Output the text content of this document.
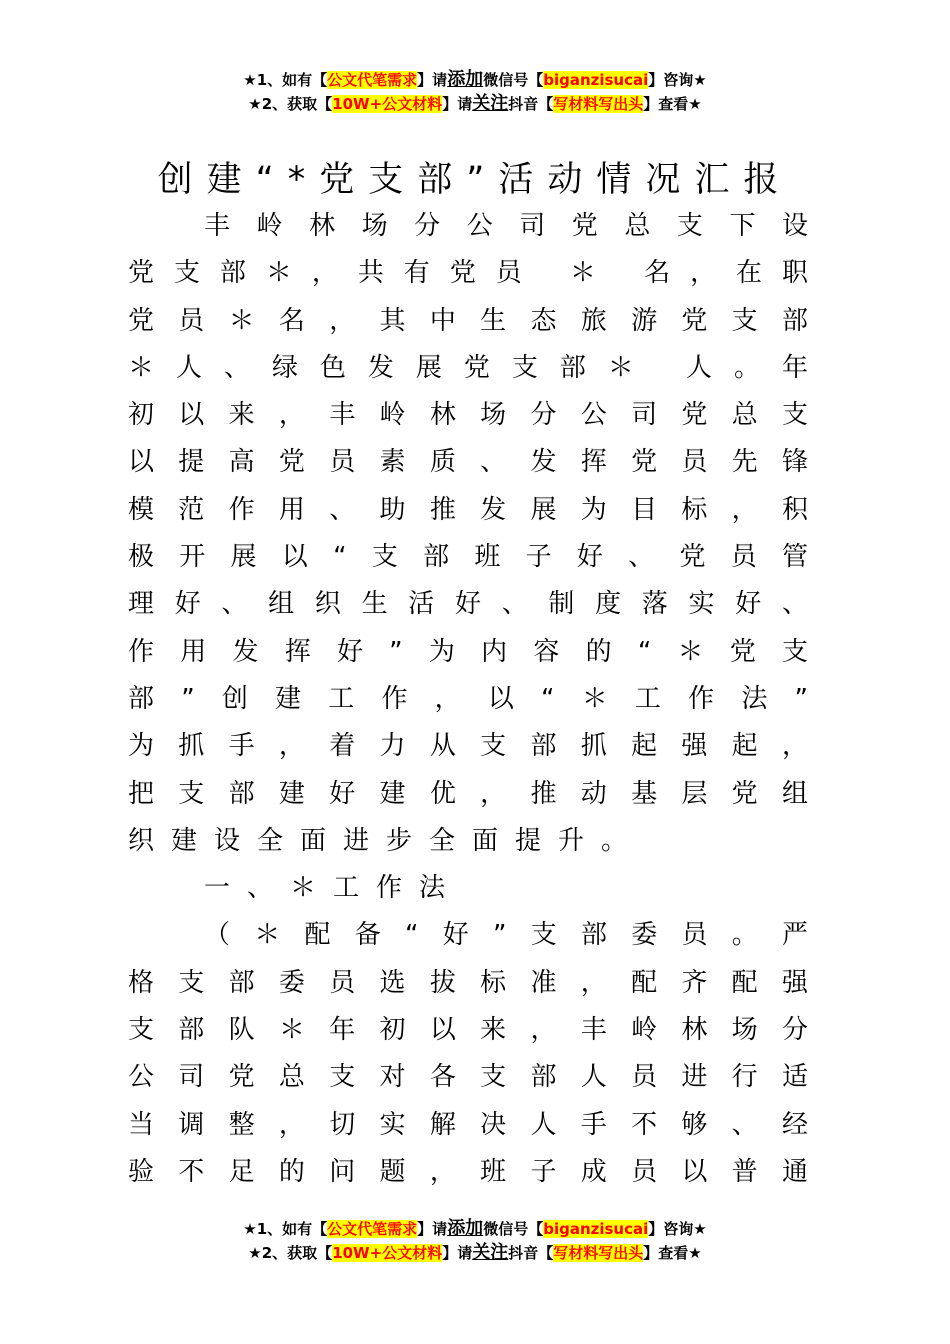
★1、如有【公文代笔需求】请添加微信号【biganzisucai】咨询★
★2、获取【10W+公文材料】请关注抖音【写材料写出头】查看★
创建“*党支部”活动情况汇报
丰岭林场分公司党总支下设
党支部＊，共有党员 ＊ 名，在职
党员＊名，其中生态旅游党支部
＊人、绿色发展党支部＊ 人。年
初以来，丰岭林场分公司党总支
以提高党员素质、发挥党员先锋
模范作用、助推发展为目标，积
极开展以“支部班子好、党员管
理好、组织生活好、制度落实好、
作用发挥好”为内容的“＊党支
部”创建工作，以“＊工作法”
为抓手，着力从支部抓起强起，
把支部建好建优，推动基层党组
织建设全面进步全面提升。
一、＊工作法
（＊配备“好”支部委员。严
格支部委员选拔标准，配齐配强
支部队＊年初以来，丰岭林场分
公司党总支对各支部人员进行适
当调整，切实解决人手不够、经
验不足的问题，班子成员以普通
★1、如有【公文代笔需求】请添加微信号【biganzisucai】咨询★
★2、获取【10W+公文材料】请关注抖音【写材料写出头】查看★
